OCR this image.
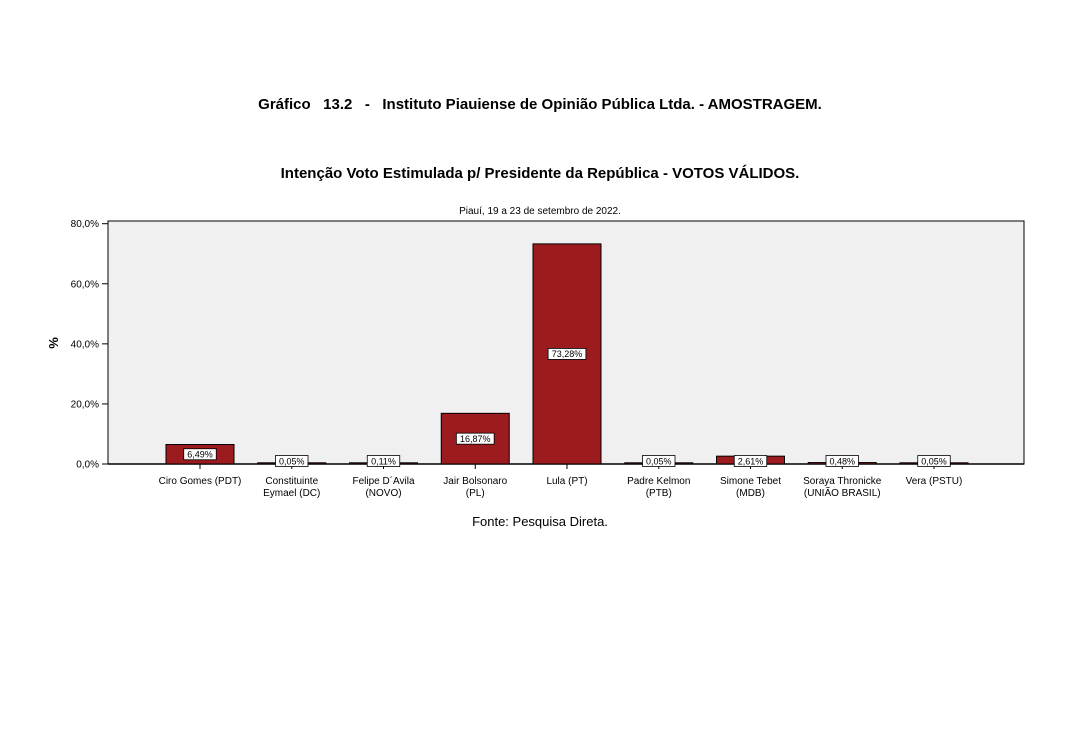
Gráfico   13.2   -   Instituto Piauiense de Opinião Pública Ltda. - AMOSTRAGEM.
Intenção Voto Estimulada p/ Presidente da República - VOTOS VÁLIDOS.
Piauí, 19 a 23 de setembro de 2022.
0,0%
20,0%
40,0%
60,0%
80,0%
Ciro Gomes (PDT) Constituinte
Eymael (DC)
Felipe D´Avila
(NOVO)
Jair Bolsonaro
(PL)
Lula (PT)	Padre Kelmon
(PTB)
Simone Tebet
(MDB)
Soraya Thronicke
(UNIÃO BRASIL)
Vera (PSTU)
6,49%
0,05%	0,11%
16,87%
73,28%
0,05%	2,61%	0,48%	0,05%
%
Fonte: Pesquisa Direta.
